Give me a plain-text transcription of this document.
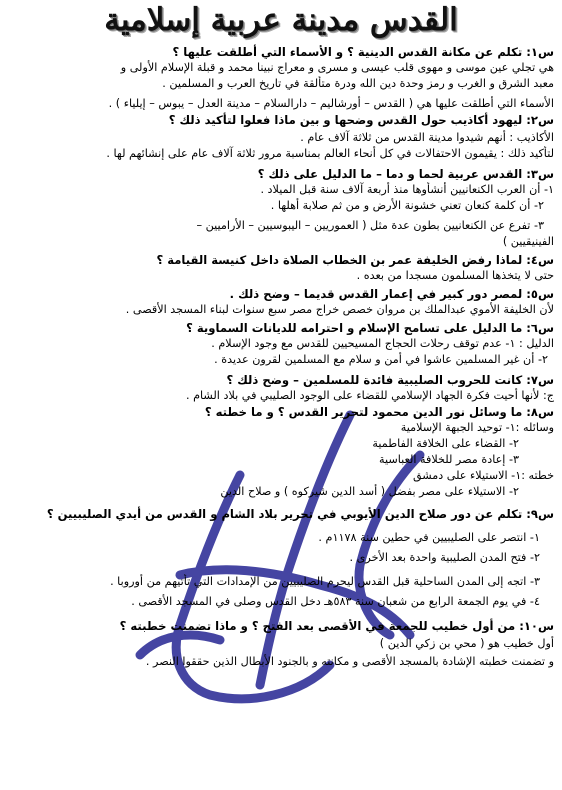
القدس مدينة عربية إسلامية
س١: تكلم عن مكانة القدس الدينية ؟ و الأسماء التي أطلقت عليها ؟
هي تجلي عين موسى و مهوى قلب عيسى و مسرى و معراج نبينا محمد و قبلة الإسلام الأولى و
معبد الشرق و الغرب و رمز وحدة دين الله ودرة متألقة في تاريخ العرب و المسلمين .
الأسماء التي أطلقت عليها هي ( القدس – أورشاليم – دارالسلام – مدينة العدل – يبوس – إيلياء ) .
س٢: ليهود أكاذيب حول القدس وضحها و بين ماذا فعلوا لتأكيد ذلك ؟
الأكاذيب : أنهم شيدوا مدينة القدس من ثلاثة آلاف عام .
لتأكيد ذلك : يقيمون الاحتفالات في كل أنحاء العالم بمناسبة مرور ثلاثة آلاف عام على إنشائهم لها .
س٣: القدس عربية لحما و دما – ما الدليل على ذلك ؟
١- أن العرب الكنعانيين أنشأوها منذ أربعة آلاف سنة قبل الميلاد .
٢- أن كلمة كنعان تعني خشونة الأرض و من ثم صلابة أهلها .
٣- تفرع عن الكنعانيين بطون عدة مثل ( العموريين – اليبوسيين – الأراميين –
الفينيقيين )
س٤: لماذا رفض الخليفة عمر بن الخطاب الصلاة داخل كنيسة القيامة ؟
حتى لا يتخذها المسلمون مسجدا من بعده .
س٥: لمصر دور كبير في إعمار القدس قديما – وضح ذلك .
لأن الخليفة الأموي عبدالملك بن مروان خصص خراج مصر سبع سنوات لبناء المسجد الأقصى .
س٦: ما الدليل على تسامح الإسلام و احترامه للديانات السماوية ؟
الدليل : ١- عدم توقف رحلات الحجاج المسيحيين للقدس مع وجود الإسلام .
٢- أن غير المسلمين عاشوا في أمن و سلام مع المسلمين لقرون عديدة .
س٧: كانت للحروب الصليبية فائدة للمسلمين – وضح ذلك ؟
ج: لأنها أحيت فكرة الجهاد الإسلامي للقضاء على الوجود الصليبي في بلاد الشام .
س٨: ما وسائل نور الدين محمود لتحرير القدس ؟ و ما خطته ؟
وسائله :١- توحيد الجبهة الإسلامية
٢- القضاء على الخلافة الفاطمية
٣- إعادة مصر للخلافة العباسية
خطته :١- الاستيلاء على دمشق
٢- الاستيلاء على مصر بفضل ( أسد الدين شيركوه ) و صلاح الدين
س٩: تكلم عن دور صلاح الدين الأيوبي في تحرير بلاد الشام و القدس من أيدي الصليبيين ؟
١- انتصر على الصليبيين في حطين سنة ١١٧٨م .
٢- فتح المدن الصليبية واحدة بعد الأخرى .
٣- اتجه إلى المدن الساحلية قبل القدس ليحرم الصليبيين من الإمدادات التي تأتيهم من أوروبا .
٤- في يوم الجمعة الرابع من شعبان سنة ٥٨٣هـ دخل القدس وصلى في المسجد الأقصى .
س١٠: من أول خطيب للجمعة في الأقصى بعد الفتح ؟ و ماذا تضمنت خطبته ؟
أول خطيب هو ( محي بن زكي الدين )
و تضمنت خطبته الإشادة بالمسجد الأقصى و مكانته و بالجنود الأبطال الذين حققوا النصر .
